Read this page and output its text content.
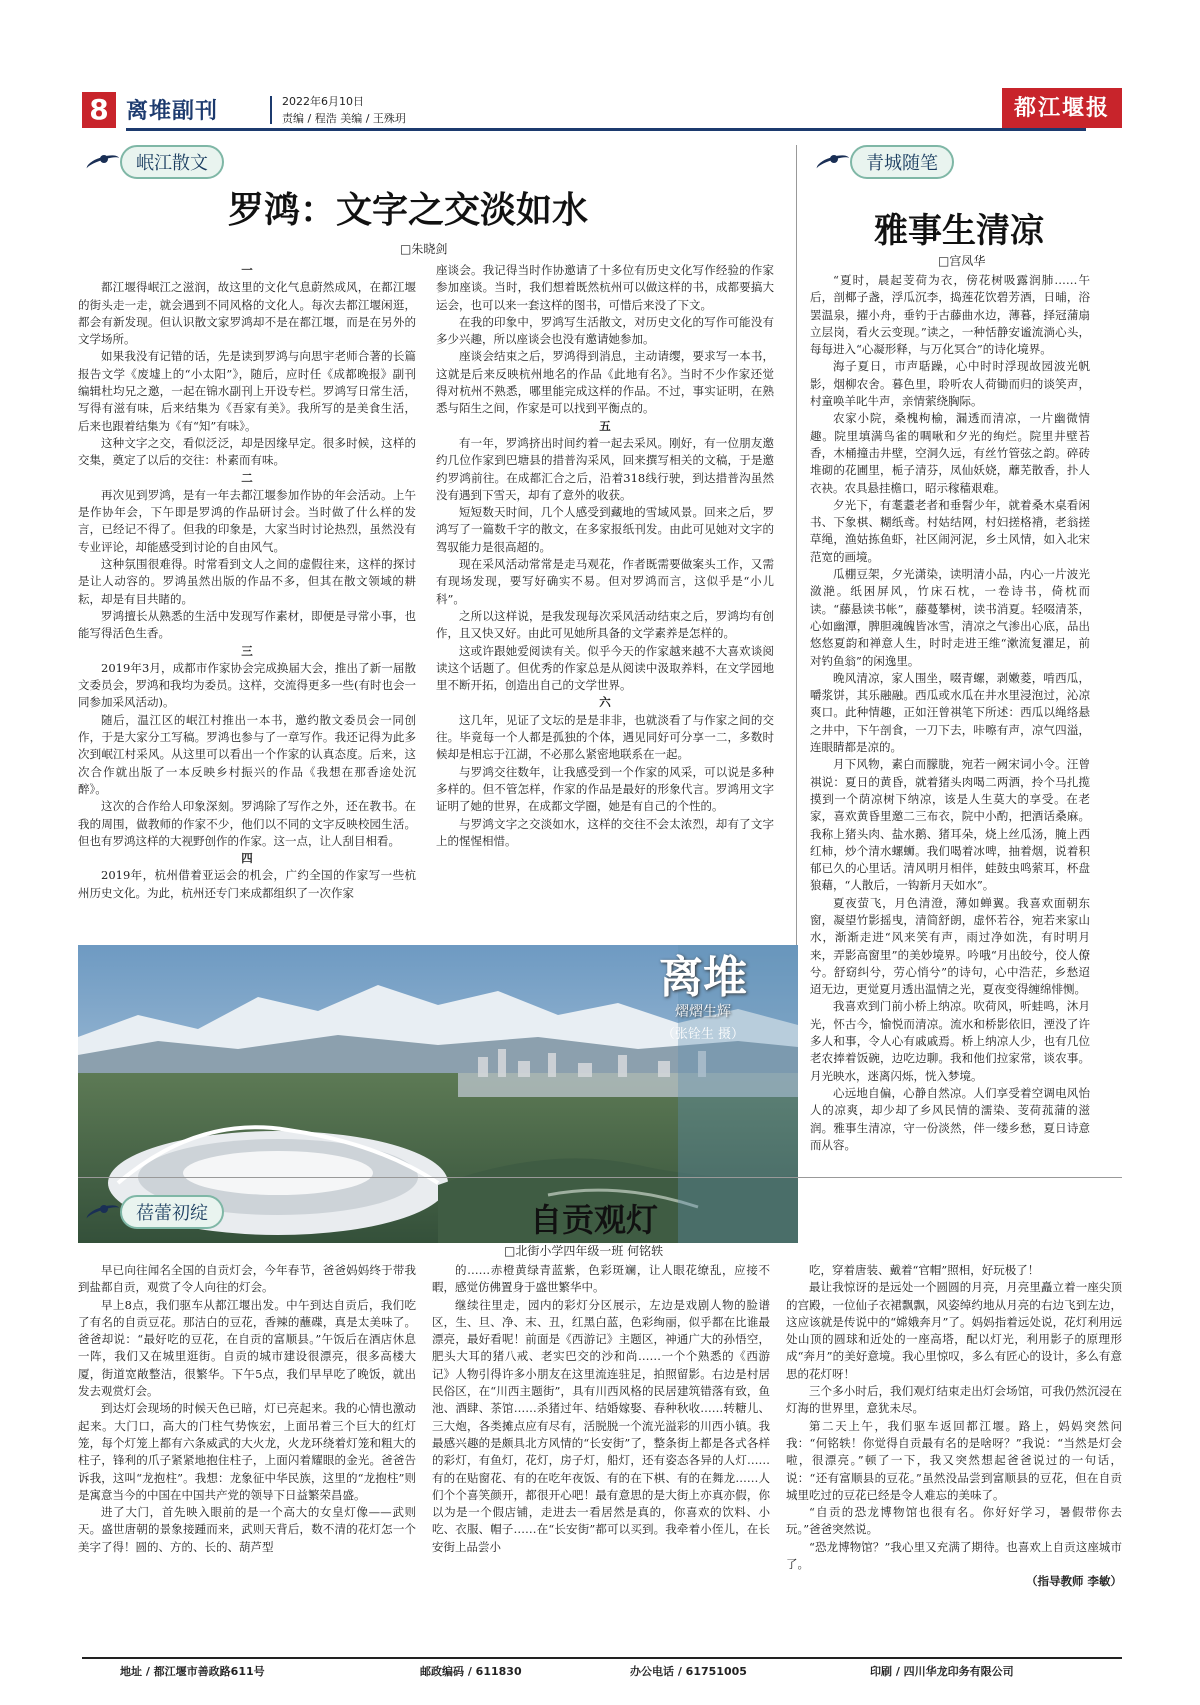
8 离堆副刊	2022年6月10日
责编 / 程浩 美编 / 王殊玥	都江堰报
岷江散文
罗鸿：文字之交淡如水
□朱晓剑

一

都江堰得岷江之滋润，故这里的文化气息蔚然成风，在都江堰的街头走一走，就会遇到不同风格的文化人。每次去都江堰闲逛，都会有新发现。但认识散文家罗鸿却不是在都江堰，而是在另外的文学场所。

如果我没有记错的话，先是读到罗鸿与向思宇老师合著的长篇报告文学《废墟上的“小太阳”》，随后，应时任《成都晚报》副刊编辑杜均兄之邀，一起在锦水副刊上开设专栏。罗鸿写日常生活，写得有滋有味，后来结集为《吾家有美》。我所写的是美食生活，后来也跟着结集为《有“知”有味》。

这种文字之交，看似泛泛，却是因缘早定。很多时候，这样的交集，奠定了以后的交往：朴素而有味。

二

再次见到罗鸿，是有一年去都江堰参加作协的年会活动。上午是作协年会，下午即是罗鸿的作品研讨会。当时做了什么样的发言，已经记不得了。但我的印象是，大家当时讨论热烈，虽然没有专业评论，却能感受到讨论的自由风气。

这种氛围很难得。时常看到文人之间的虚假往来，这样的探讨是让人动容的。罗鸿虽然出版的作品不多，但其在散文领域的耕耘，却是有目共睹的。

罗鸿擅长从熟悉的生活中发现写作素材，即便是寻常小事，也能写得活色生香。

三

2019年3月，成都市作家协会完成换届大会，推出了新一届散文委员会，罗鸿和我均为委员。这样，交流得更多一些(有时也会一同参加采风活动)。

随后，温江区的岷江村推出一本书，邀约散文委员会一同创作，于是大家分工写稿。罗鸿也参与了一章写作。我还记得为此多次到岷江村采风。从这里可以看出一个作家的认真态度。后来，这次合作就出版了一本反映乡村振兴的作品《我想在那香途处沉醉》。

这次的合作给人印象深刻。罗鸿除了写作之外，还在教书。在我的周围，做教师的作家不少，他们以不同的文字反映校园生活。但也有罗鸿这样的大视野创作的作家。这一点，让人刮目相看。

四

2019年，杭州借着亚运会的机会，广约全国的作家写一些杭州历史文化。为此，杭州还专门来成都组织了一次作家

座谈会。我记得当时作协邀请了十多位有历史文化写作经验的作家参加座谈。当时，我们想着既然杭州可以做这样的书，成都要搞大运会，也可以来一套这样的图书，可惜后来没了下文。

在我的印象中，罗鸿写生活散文，对历史文化的写作可能没有多少兴趣，所以座谈会也没有邀请她参加。

座谈会结束之后，罗鸿得到消息，主动请缨，要求写一本书，这就是后来反映杭州地名的作品《此地有名》。当时不少作家还觉得对杭州不熟悉，哪里能完成这样的作品。不过，事实证明，在熟悉与陌生之间，作家是可以找到平衡点的。

五

有一年，罗鸿挤出时间约着一起去采风。刚好，有一位朋友邀约几位作家到巴塘县的措普沟采风，回来撰写相关的文稿，于是邀约罗鸿前往。在成都汇合之后，沿着318线行驶，到达措普沟虽然没有遇到下雪天，却有了意外的收获。

短短数天时间，几个人感受到藏地的雪域风景。回来之后，罗鸿写了一篇数千字的散文，在多家报纸刊发。由此可见她对文字的驾驭能力是很高超的。

现在采风活动常常是走马观花，作者既需要做案头工作，又需有现场发现，要写好确实不易。但对罗鸿而言，这似乎是“小儿科”。

之所以这样说，是我发现每次采风活动结束之后，罗鸿均有创作，且又快又好。由此可见她所具备的文学素养是怎样的。

这或许跟她爱阅读有关。似乎今天的作家越来越不大喜欢谈阅读这个话题了。但优秀的作家总是从阅读中汲取养料，在文学园地里不断开拓，创造出自己的文学世界。

六

这几年，见证了文坛的是是非非，也就淡看了与作家之间的交往。毕竟每一个人都是孤独的个体，遇见同好可分享一二，多数时候却是相忘于江湖，不必那么紧密地联系在一起。

与罗鸿交往数年，让我感受到一个作家的风采，可以说是多种多样的。但不管怎样，作家的作品是最好的形象代言。罗鸿用文字证明了她的世界，在成都文学圈，她是有自己的个性的。

与罗鸿文字之交淡如水，这样的交往不会太浓烈，却有了文字上的惺惺相惜。

青城随笔
雅事生清凉
□宫凤华

“夏时，晨起芰荷为衣，傍花树吸露润肺……午后，剖椰子盏，浮瓜沉李，捣莲花饮碧芳酒，日晡，浴罢温泉，擢小舟，垂钓于古藤曲水边，薄暮，择冠蒲扇立层岗，看火云变现。”读之，一种恬静安谧流淌心头，每每进入“心凝形释，与万化冥合”的诗化境界。

海子夏日，市声聒躁，心中时时浮现故园波光帆影，烟柳农舍。暮色里，聆听农人荷锄而归的谈笑声，村童唤羊叱牛声，亲情萦绕胸际。

农家小院，桑槐枸榆，漏透而清凉，一片幽微情趣。院里填满鸟雀的啁啾和夕光的绚烂。院里井壁苔香，木桶撞击井壁，空洞久远，有丝竹管弦之韵。碎砖堆砌的花圃里，栀子清芬，凤仙妖娆，蘼芜散香，扑人衣袂。农具悬挂檐口，昭示稼穑艰难。

夕光下，有耄耋老者和垂髫少年，就着桑木桌看闲书、下象棋、糊纸鸢。村姑结网，村妇搓格褙，老翁搓草绳，渔姑拣鱼虾，社区闹河泥，乡土风情，如入北宋范宽的画境。

瓜棚豆架，夕光潇染，读明清小品，内心一片波光潋滟。纸困屏风，竹床石枕，一卷诗书，倚枕而读。“藤悬读书帐”，藤蔓攀树，读书消夏。轻啜清茶，心如幽潭，脾胆魂魄皆冰雪，清凉之气渗出心底，品出悠悠夏韵和禅意人生，时时走进王维“漱流复濯足，前对钓鱼翁”的闲逸里。

晚风清凉，家人围坐，啜青螺，剥嫩菱，啃西瓜，嚼浆饼，其乐融融。西瓜或水瓜在井水里浸泡过，沁凉爽口。此种情趣，正如汪曾祺笔下所述：西瓜以绳络悬之井中，下午剖食，一刀下去，咔嚓有声，凉气四溢，连眼睛都是凉的。

月下风物，素白而朦胧，宛若一阙宋词小令。汪曾祺说：夏日的黄昏，就着猪头肉喝二两酒，拎个马扎揽摸到一个荫凉树下纳凉，该是人生莫大的享受。在老家，喜欢黄昏里邀二三布衣，院中小酌，把酒话桑麻。我称上猪头肉、盐水鹅、猪耳朵，烧上丝瓜汤，腌上西红柿，炒个清水螺蛳。我们喝着冰啤，抽着烟，说着积郁已久的心里话。清风明月相伴，蛙鼓虫鸣萦耳，杯盘狼藉，“人散后，一钩新月天如水”。

夏夜萤飞，月色清澄，薄如蝉翼。我喜欢面朝东窗，凝望竹影摇曳，清简舒朗，虚怀若谷，宛若来家山水，渐渐走进“风来笑有声，雨过净如洗，有时明月来，弄影高窗里”的美妙境界。吟哦“月出皎兮，佼人僚兮。舒窈纠兮，劳心悄兮”的诗句，心中浩茫，乡愁迢迢无边，更觉夏月透出温情之光，夏夜变得缠绵悱恻。

我喜欢到门前小桥上纳凉。吹荷风，听蛙鸣，沐月光，怀古今，愉悦而清凉。流水和桥影依旧，湮没了许多人和事，令人心有戚戚焉。桥上纳凉人少，也有几位老农捧着饭碗，边吃边聊。我和他们拉家常，谈农事。月光映水，迷离闪烁，恍入梦境。

心远地自偏，心静自然凉。人们享受着空调电风怡人的凉爽，却少却了乡风民情的濡染、芰荷菰蒲的滋润。雅事生清凉，守一份淡然，伴一缕乡愁，夏日诗意而从容。

离堆
熠熠生辉
（张铨生 摄）
蓓蕾初绽	自贡观灯
□北街小学四年级一班 何铭轶

早已向往闻名全国的自贡灯会，今年春节，爸爸妈妈终于带我到盐都自贡，观赏了令人向往的灯会。

早上8点，我们驱车从都江堰出发。中午到达自贡后，我们吃了有名的自贡豆花。那洁白的豆花，香辣的蘸碟，真是太美味了。爸爸却说：“最好吃的豆花，在自贡的富顺县。”午饭后在酒店休息一阵，我们又在城里逛街。自贡的城市建设很漂亮，很多高楼大厦，街道宽敞整洁，很繁华。下午5点，我们早早吃了晚饭，就出发去观赏灯会。

到达灯会现场的时候天色已暗，灯已亮起来。我的心情也激动起来。大门口，高大的门柱气势恢宏，上面吊着三个巨大的红灯笼，每个灯笼上都有六条威武的大火龙，火龙环绕着灯笼和粗大的柱子，锋利的爪子紧紧地抱住柱子，上面闪着耀眼的金光。爸爸告诉我，这叫“龙抱柱”。我想：龙象征中华民族，这里的“龙抱柱”则是寓意当今的中国在中国共产党的领导下日益繁荣昌盛。

进了大门，首先映入眼前的是一个高大的女皇灯像——武则天。盛世唐朝的景象接踵而来，武则天背后，数不清的花灯怎一个美字了得！圆的、方的、长的、葫芦型

的……赤橙黄绿青蓝紫，色彩斑斓，让人眼花缭乱，应接不暇，感觉仿佛置身于盛世繁华中。

继续往里走，园内的彩灯分区展示，左边是戏剧人物的脸谱区，生、旦、净、末、丑，红黑白蓝，色彩绚丽，似乎都在比谁最漂亮，最好看呢！前面是《西游记》主题区，神通广大的孙悟空，肥头大耳的猪八戒、老实巴交的沙和尚……一个个熟悉的《西游记》人物引得许多小朋友在这里流连驻足，拍照留影。右边是村居民俗区，在“川西主题街”，具有川西风格的民居建筑错落有致，鱼池、酒肆、茶馆……杀猪过年、结婚嫁娶、春种秋收……转糖儿、三大炮，各类摊点应有尽有，活脱脱一个流光溢彩的川西小镇。我最感兴趣的是颇具北方风情的“长安街”了，整条街上都是各式各样的彩灯，有鱼灯，花灯，房子灯，船灯，还有姿态各异的人灯……有的在贴窗花、有的在吃年夜饭、有的在下棋、有的在舞龙……人们个个喜笑颜开，都很开心吧！最有意思的是大街上亦真亦假，你以为是一个假店铺，走进去一看居然是真的，你喜欢的饮料、小吃、衣服、帽子……在“长安街”都可以买到。我牵着小侄儿，在长安街上品尝小

吃，穿着唐装、戴着“官帽”照相，好玩极了！

最让我惊讶的是远处一个圆圆的月亮，月亮里矗立着一座尖顶的宫殿，一位仙子衣裙飘飘，风姿绰约地从月亮的右边飞到左边，这应该就是传说中的“嫦娥奔月”了。妈妈指着远处说，花灯利用远处山顶的圆球和近处的一座高塔，配以灯光，利用影子的原理形成“奔月”的美好意境。我心里惊叹，多么有匠心的设计，多么有意思的花灯呀！

三个多小时后，我们观灯结束走出灯会场馆，可我仍然沉浸在灯海的世界里，意犹未尽。

第二天上午，我们驱车返回都江堰。路上，妈妈突然问我：“何铭轶！你觉得自贡最有名的是啥呀？”我说：“当然是灯会啦，很漂亮。”顿了一下，我又突然想起爸爸说过的一句话，说：“还有富顺县的豆花。”虽然没品尝到富顺县的豆花，但在自贡城里吃过的豆花已经是令人难忘的美味了。

“自贡的恐龙博物馆也很有名。你好好学习，暑假带你去玩。”爸爸突然说。

“恐龙博物馆？”我心里又充满了期待。也喜欢上自贡这座城市了。

（指导教师 李敏）

地址 / 都江堰市善政路611号	邮政编码 / 611830	办公电话 / 61751005	印刷 / 四川华龙印务有限公司
